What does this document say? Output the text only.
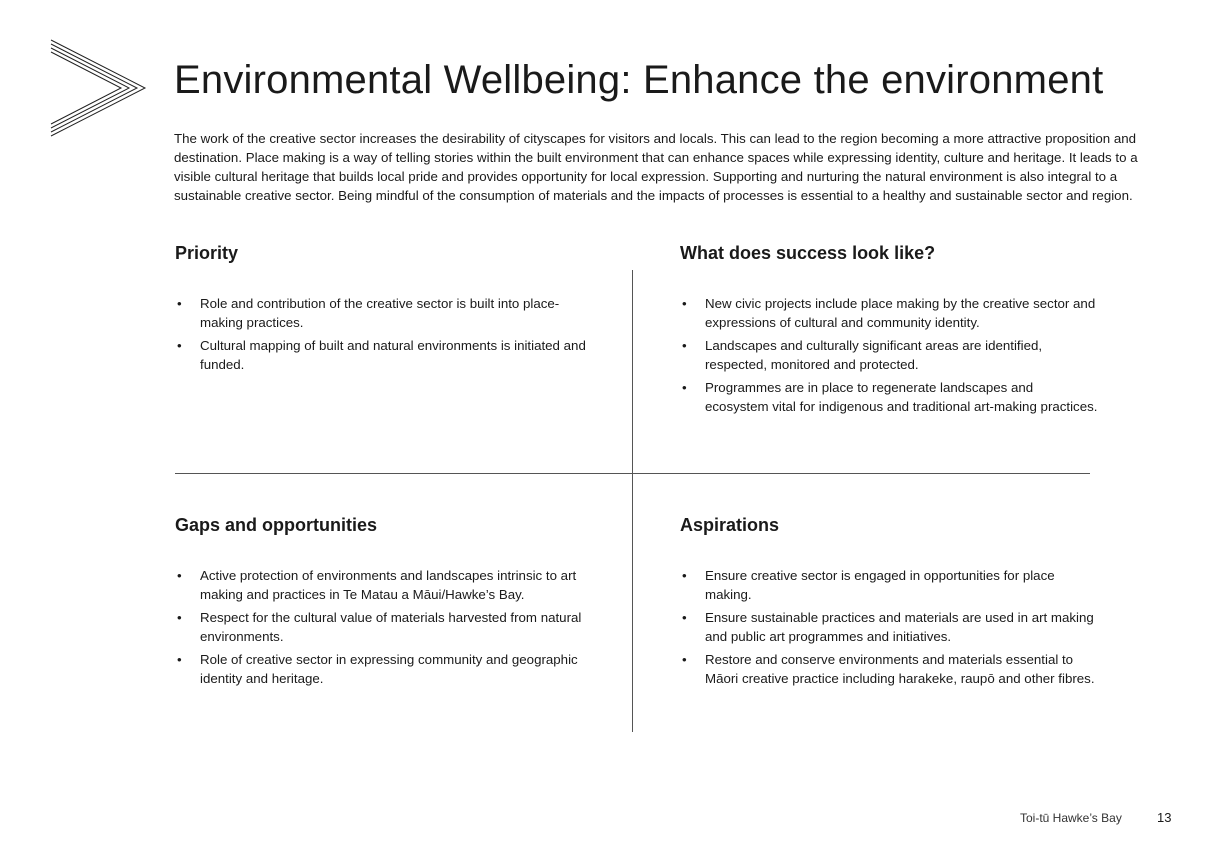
Environmental Wellbeing: Enhance the environment

The work of the creative sector increases the desirability of cityscapes for visitors and locals. This can lead to the region becoming a more attractive proposition and destination. Place making is a way of telling stories within the built environment that can enhance spaces while expressing identity, culture and heritage. It leads to a visible cultural heritage that builds local pride and provides opportunity for local expression. Supporting and nurturing the natural environment is also integral to a sustainable creative sector. Being mindful of the consumption of materials and the impacts of processes is essential to a healthy and sustainable sector and region.

Priority
• Role and contribution of the creative sector is built into place-making practices.
• Cultural mapping of built and natural environments is initiated and funded.
What does success look like?
• New civic projects include place making by the creative sector and expressions of cultural and community identity.
• Landscapes and culturally significant areas are identified, respected, monitored and protected.
• Programmes are in place to regenerate landscapes and ecosystem vital for indigenous and traditional art-making practices.
Gaps and opportunities
• Active protection of environments and landscapes intrinsic to art making and practices in Te Matau a Māui/Hawke’s Bay.
• Respect for the cultural value of materials harvested from natural environments.
• Role of creative sector in expressing community and geographic identity and heritage.
Aspirations
• Ensure creative sector is engaged in opportunities for place making.
• Ensure sustainable practices and materials are used in art making and public art programmes and initiatives.
• Restore and conserve environments and materials essential to Māori creative practice including harakeke, raupō and other fibres.
Toi-tū Hawke’s Bay	13
